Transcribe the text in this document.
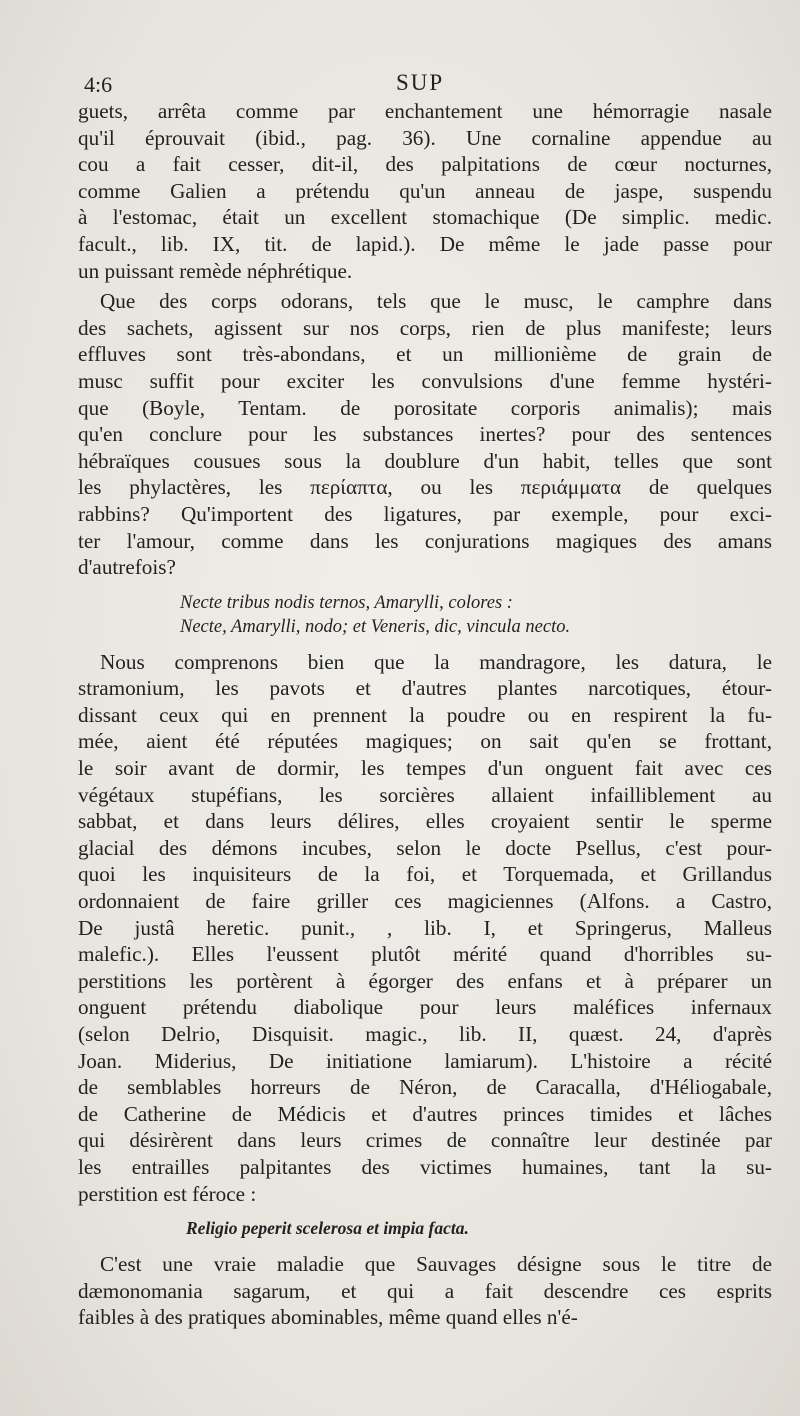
4:6	SUP
guets, arrêta comme par enchantement une hémorragie nasale
qu'il éprouvait (ibid., pag. 36). Une cornaline appendue au
cou a fait cesser, dit-il, des palpitations de cœur nocturnes,
comme Galien a prétendu qu'un anneau de jaspe, suspendu
à l'estomac, était un excellent stomachique (De simplic. medic.
facult., lib. IX, tit. de lapid.). De même le jade passe pour
un puissant remède néphrétique.
Que des corps odorans, tels que le musc, le camphre dans
des sachets, agissent sur nos corps, rien de plus manifeste; leurs
effluves sont très-abondans, et un millionième de grain de
musc suffit pour exciter les convulsions d'une femme hystéri-
que (Boyle, Tentam. de porositate corporis animalis); mais
qu'en conclure pour les substances inertes? pour des sentences
hébraïques cousues sous la doublure d'un habit, telles que sont
les phylactères, les περίαπτα, ou les περιάμματα de quelques
rabbins? Qu'importent des ligatures, par exemple, pour exci-
ter l'amour, comme dans les conjurations magiques des amans
d'autrefois?
Necte tribus nodis ternos, Amarylli, colores :
Necte, Amarylli, nodo; et Veneris, dic, vincula necto.
Nous comprenons bien que la mandragore, les datura, le
stramonium, les pavots et d'autres plantes narcotiques, étour-
dissant ceux qui en prennent la poudre ou en respirent la fu-
mée, aient été réputées magiques; on sait qu'en se frottant,
le soir avant de dormir, les tempes d'un onguent fait avec ces
végétaux stupéfians, les sorcières allaient infailliblement au
sabbat, et dans leurs délires, elles croyaient sentir le sperme
glacial des démons incubes, selon le docte Psellus, c'est pour-
quoi les inquisiteurs de la foi, et Torquemada, et Grillandus
ordonnaient de faire griller ces magiciennes (Alfons. a Castro,
De justâ heretic. punit., , lib. I, et Springerus, Malleus
malefic.). Elles l'eussent plutôt mérité quand d'horribles su-
perstitions les portèrent à égorger des enfans et à préparer un
onguent prétendu diabolique pour leurs maléfices infernaux
(selon Delrio, Disquisit. magic., lib. II, quæst. 24, d'après
Joan. Miderius, De initiatione lamiarum). L'histoire a récité
de semblables horreurs de Néron, de Caracalla, d'Héliogabale,
de Catherine de Médicis et d'autres princes timides et lâches
qui désirèrent dans leurs crimes de connaître leur destinée par
les entrailles palpitantes des victimes humaines, tant la su-
perstition est féroce :
Religio peperit scelerosa et impia facta.
C'est une vraie maladie que Sauvages désigne sous le titre de
dæmonomania sagarum, et qui a fait descendre ces esprits
faibles à des pratiques abominables, même quand elles n'é-
